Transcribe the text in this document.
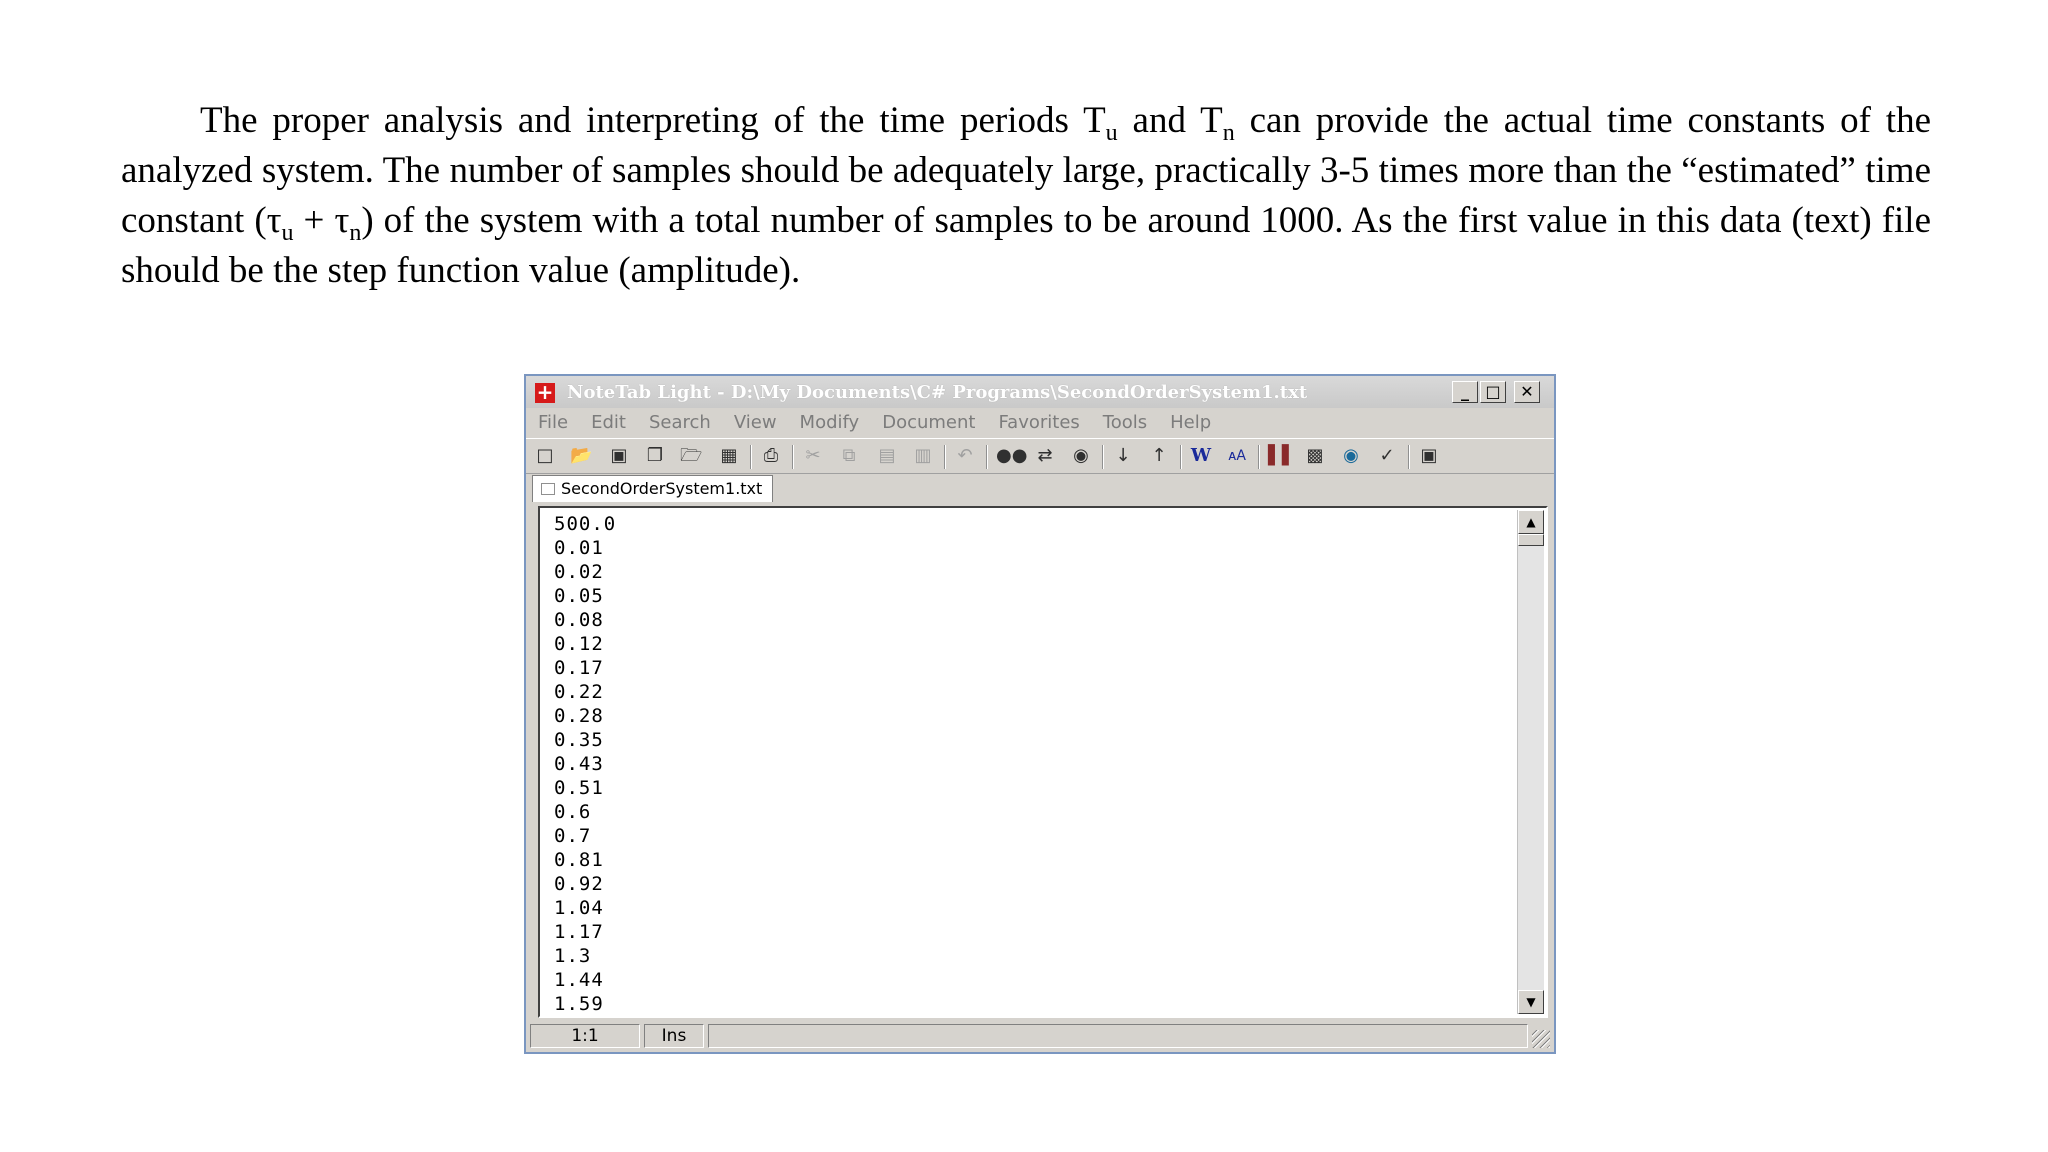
The proper analysis and interpreting of the time periods $T_u$ and $T_n$ can provide the actual time constants of the analyzed system. The number of samples should be adequately large, practically 3-5 times more than the “estimated” time constant $(\tau_u + \tau_n)$ of the system with a total number of samples to be around 1000. As the first value in this data (text) file should be the step function value (amplitude).
+ NoteTab Light - D:\My Documents\C# Programs\SecondOrderSystem1.txt	_	□	✕
File Edit Search View Modify Document Favorites Tools Help
□ 📂 ▣ ❐ 🗁 ▦ ⎙ ✂ ⧉ ▤ ▥ ↶ ●● ⇄ ◉ ↓ ↑ W ᴀA ▌▌ ▩ ◉ ✓ ▣
SecondOrderSystem1.txt
500.0
0.01
0.02
0.05
0.08
0.12
0.17
0.22
0.28
0.35
0.43
0.51
0.6
0.7
0.81
0.92
1.04
1.17
1.3
1.44
1.59
▲
▼
1:1	Ins
